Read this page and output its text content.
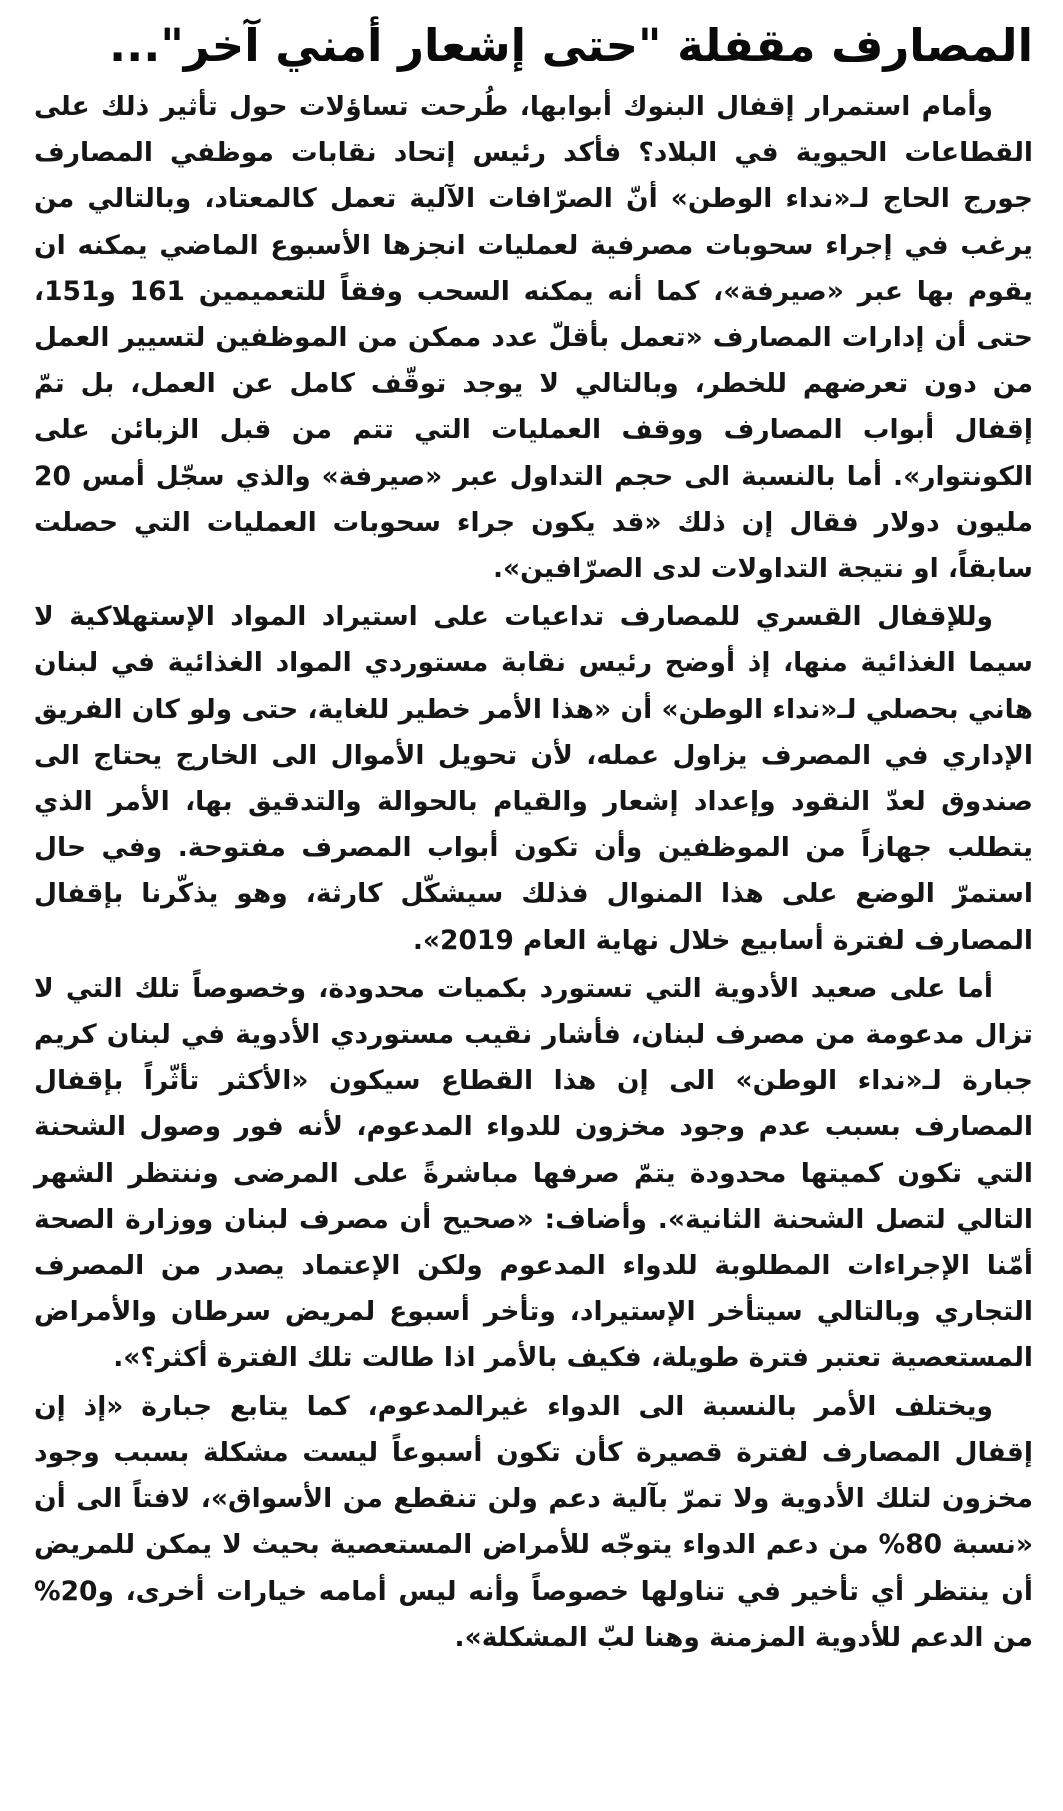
المصارف مقفلة "حتى إشعار أمني آخر"...

وأمام استمرار إقفال البنوك أبوابها، طُرحت تساؤلات حول تأثير ذلك على القطاعات الحيوية في البلاد؟ فأكد رئيس إتحاد نقابات موظفي المصارف جورج الحاج لـ«نداء الوطن» أنّ الصرّافات الآلية تعمل كالمعتاد، وبالتالي من يرغب في إجراء سحوبات مصرفية لعمليات انجزها الأسبوع الماضي يمكنه ان يقوم بها عبر «صيرفة»، كما أنه يمكنه السحب وفقاً للتعميمين 161 و151، حتى أن إدارات المصارف «تعمل بأقلّ عدد ممكن من الموظفين لتسيير العمل من دون تعرضهم للخطر، وبالتالي لا يوجد توقّف كامل عن العمل، بل تمّ إقفال أبواب المصارف ووقف العمليات التي تتم من قبل الزبائن على الكونتوار». أما بالنسبة الى حجم التداول عبر «صيرفة» والذي سجّل أمس 20 مليون دولار فقال إن ذلك «قد يكون جراء سحوبات العمليات التي حصلت سابقاً، او نتيجة التداولات لدى الصرّافين».

وللإقفال القسري للمصارف تداعيات على استيراد المواد الإستهلاكية لا سيما الغذائية منها، إذ أوضح رئيس نقابة مستوردي المواد الغذائية في لبنان هاني بحصلي لـ«نداء الوطن» أن «هذا الأمر خطير للغاية، حتى ولو كان الفريق الإداري في المصرف يزاول عمله، لأن تحويل الأموال الى الخارج يحتاج الى صندوق لعدّ النقود وإعداد إشعار والقيام بالحوالة والتدقيق بها، الأمر الذي يتطلب جهازاً من الموظفين وأن تكون أبواب المصرف مفتوحة. وفي حال استمرّ الوضع على هذا المنوال فذلك سيشكّل كارثة، وهو يذكّرنا بإقفال المصارف لفترة أسابيع خلال نهاية العام 2019».

أما على صعيد الأدوية التي تستورد بكميات محدودة، وخصوصاً تلك التي لا تزال مدعومة من مصرف لبنان، فأشار نقيب مستوردي الأدوية في لبنان كريم جبارة لـ«نداء الوطن» الى إن هذا القطاع سيكون «الأكثر تأثّراً بإقفال المصارف بسبب عدم وجود مخزون للدواء المدعوم، لأنه فور وصول الشحنة التي تكون كميتها محدودة يتمّ صرفها مباشرةً على المرضى وننتظر الشهر التالي لتصل الشحنة الثانية». وأضاف: «صحيح أن مصرف لبنان ووزارة الصحة أمّنا الإجراءات المطلوبة للدواء المدعوم ولكن الإعتماد يصدر من المصرف التجاري وبالتالي سيتأخر الإستيراد، وتأخر أسبوع لمريض سرطان والأمراض المستعصية تعتبر فترة طويلة، فكيف بالأمر اذا طالت تلك الفترة أكثر؟».

ويختلف الأمر بالنسبة الى الدواء غيرالمدعوم، كما يتابع جبارة «إذ إن إقفال المصارف لفترة قصيرة كأن تكون أسبوعاً ليست مشكلة بسبب وجود مخزون لتلك الأدوية ولا تمرّ بآلية دعم ولن تنقطع من الأسواق»، لافتاً الى أن «نسبة 80% من دعم الدواء يتوجّه للأمراض المستعصية بحيث لا يمكن للمريض أن ينتظر أي تأخير في تناولها خصوصاً وأنه ليس أمامه خيارات أخرى، و20% من الدعم للأدوية المزمنة وهنا لبّ المشكلة».
